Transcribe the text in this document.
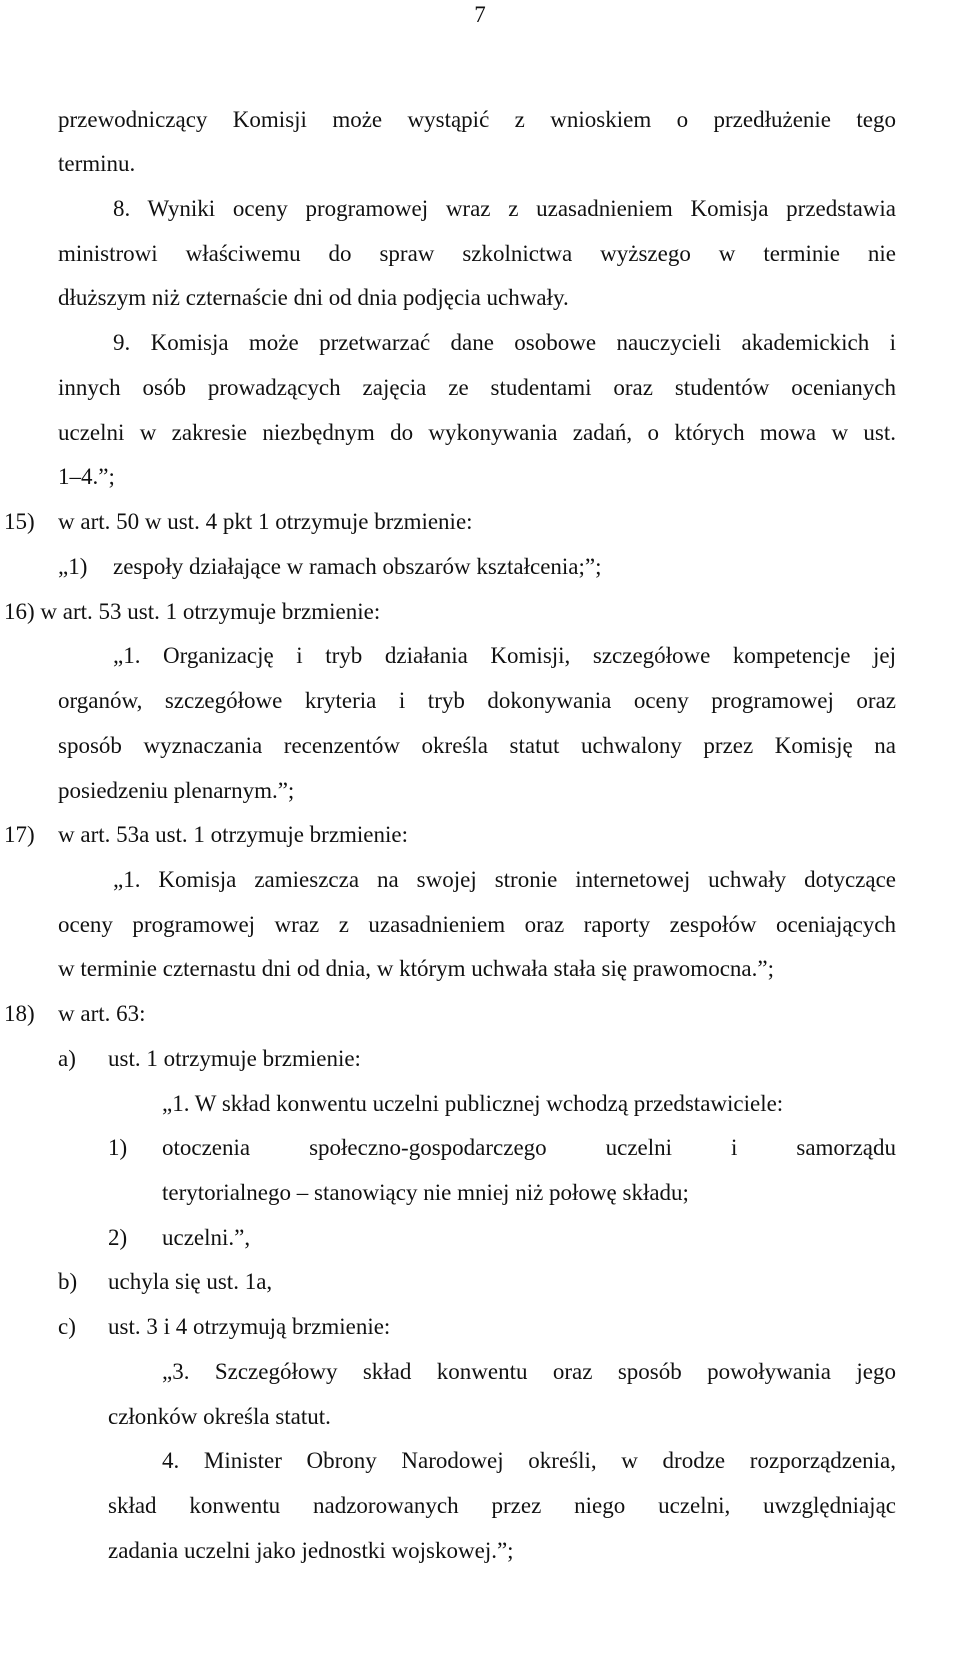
7
przewodniczący Komisji może wystąpić z wnioskiem o przedłużenie tego
terminu.
8. Wyniki oceny programowej wraz z uzasadnieniem Komisja przedstawia
ministrowi właściwemu do spraw szkolnictwa wyższego w terminie nie
dłuższym niż czternaście dni od dnia podjęcia uchwały.
9. Komisja może przetwarzać dane osobowe nauczycieli akademickich i
innych osób prowadzących zajęcia ze studentami oraz studentów ocenianych
uczelni w zakresie niezbędnym do wykonywania zadań, o których mowa w ust.
1–4.”;
15) w art. 50 w ust. 4 pkt 1 otrzymuje brzmienie:
„1) zespoły działające w ramach obszarów kształcenia;”;
16) w art. 53 ust. 1 otrzymuje brzmienie:
„1. Organizację i tryb działania Komisji, szczegółowe kompetencje jej
organów, szczegółowe kryteria i tryb dokonywania oceny programowej oraz
sposób wyznaczania recenzentów określa statut uchwalony przez Komisję na
posiedzeniu plenarnym.”;
17) w art. 53a ust. 1 otrzymuje brzmienie:
„1. Komisja zamieszcza na swojej stronie internetowej uchwały dotyczące
oceny programowej wraz z uzasadnieniem oraz raporty zespołów oceniających
w terminie czternastu dni od dnia, w którym uchwała stała się prawomocna.”;
18) w art. 63:
a) ust. 1 otrzymuje brzmienie:
„1. W skład konwentu uczelni publicznej wchodzą przedstawiciele:
1) otoczenia społeczno-gospodarczego uczelni i samorządu
terytorialnego – stanowiący nie mniej niż połowę składu;
2) uczelni.”,
b) uchyla się ust. 1a,
c) ust. 3 i 4 otrzymują brzmienie:
„3. Szczegółowy skład konwentu oraz sposób powoływania jego
członków określa statut.
4. Minister Obrony Narodowej określi, w drodze rozporządzenia,
skład konwentu nadzorowanych przez niego uczelni, uwzględniając
zadania uczelni jako jednostki wojskowej.”;
